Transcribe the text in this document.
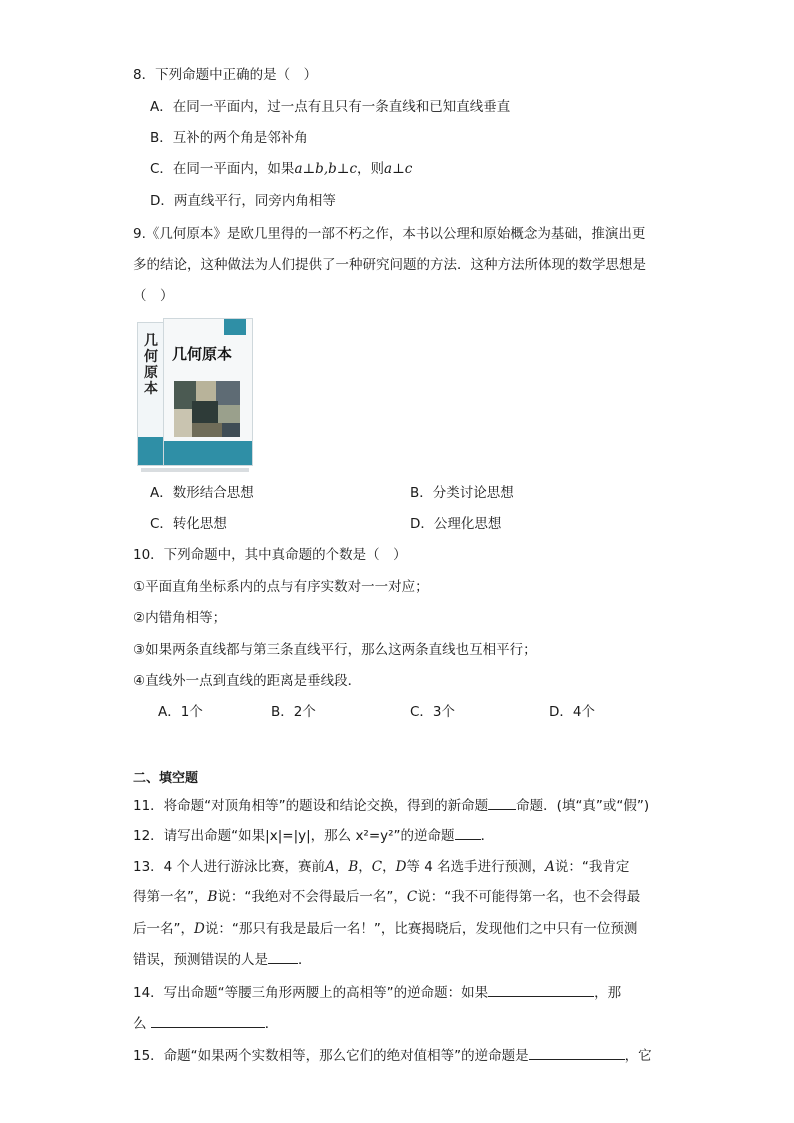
8．下列命题中正确的是（　）
A．在同一平面内，过一点有且只有一条直线和已知直线垂直
B．互补的两个角是邻补角
C．在同一平面内，如果a⊥b,b⊥c，则a⊥c
D．两直线平行，同旁内角相等
9.《几何原本》是欧几里得的一部不朽之作，本书以公理和原始概念为基础，推演出更
多的结论，这种做法为人们提供了一种研究问题的方法．这种方法所体现的数学思想是
（　）
几何原本
几何原本
A．数形结合思想	B．分类讨论思想
C．转化思想	D．公理化思想
10．下列命题中，其中真命题的个数是（　）
①平面直角坐标系内的点与有序实数对一一对应；
②内错角相等；
③如果两条直线都与第三条直线平行，那么这两条直线也互相平行；
④直线外一点到直线的距离是垂线段．
A．1个	B．2个	C．3个	D．4个
二、填空题
11．将命题“对顶角相等”的题设和结论交换，得到的新命题 命题．(填“真”或“假”)
12．请写出命题“如果|x|=|y|，那么 x²=y²”的逆命题 ．
13．4 个人进行游泳比赛，赛前A，B，C，D等 4 名选手进行预测，A说：“我肯定
得第一名”，B说：“我绝对不会得最后一名”，C说：“我不可能得第一名，也不会得最
后一名”，D说：“那只有我是最后一名！”，比赛揭晓后，发现他们之中只有一位预测
错误，预测错误的人是 ．
14．写出命题“等腰三角形两腰上的高相等”的逆命题：如果	，那
么	．
15．命题“如果两个实数相等，那么它们的绝对值相等”的逆命题是	，它
